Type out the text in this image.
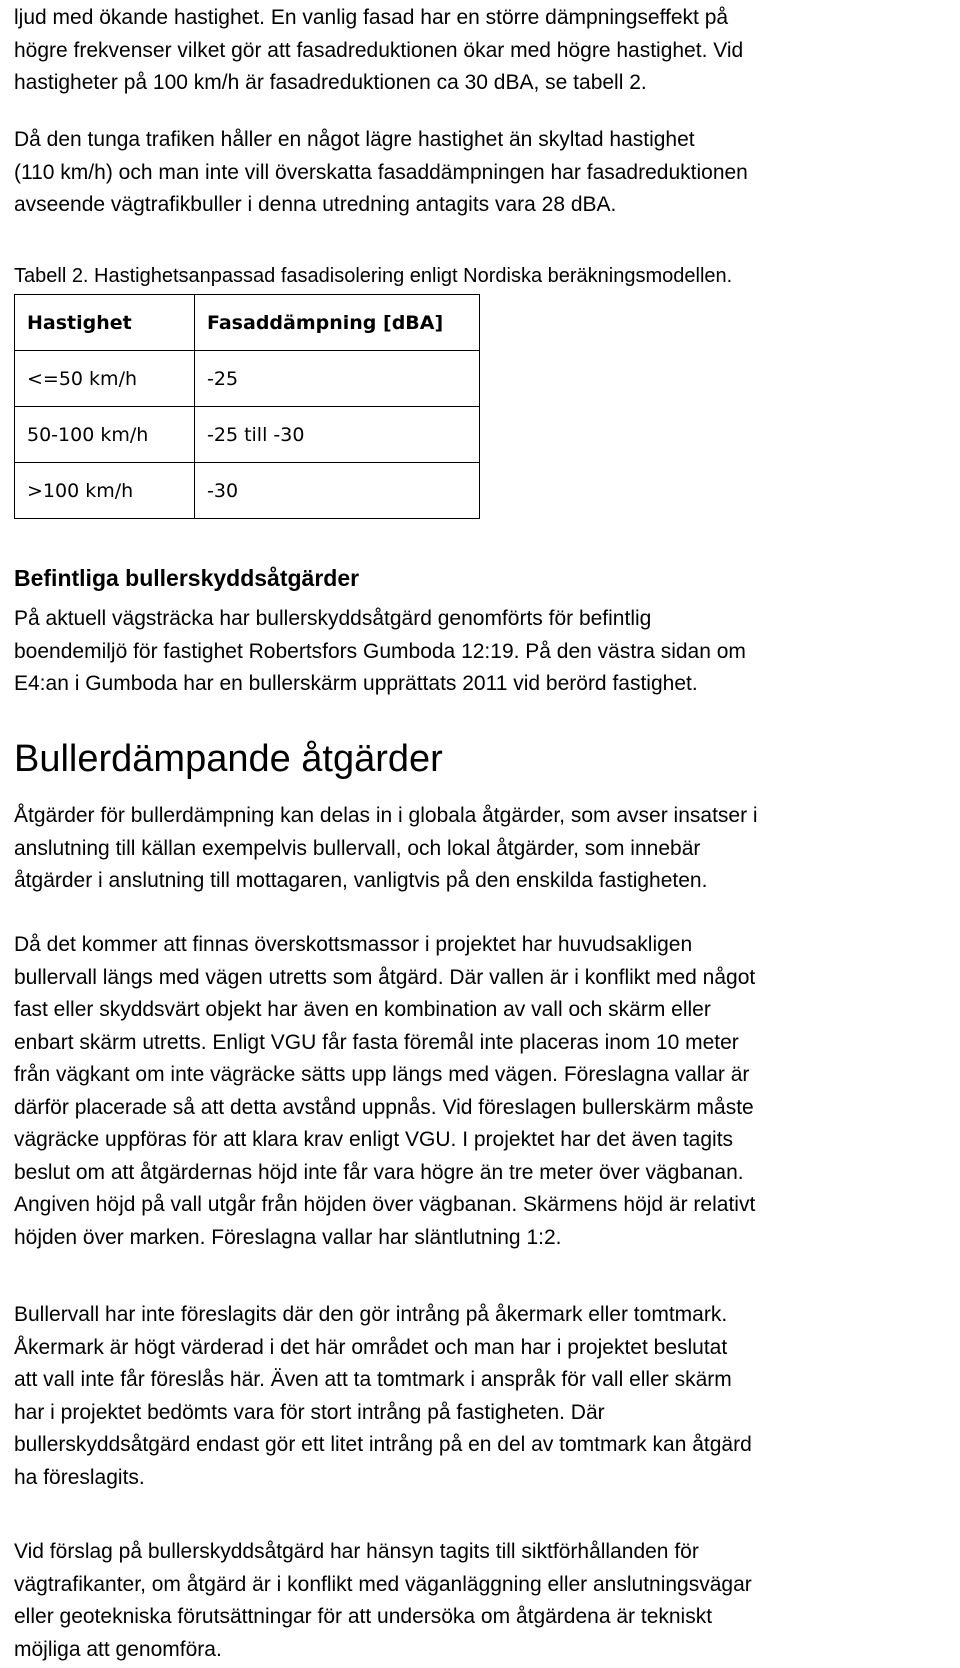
ljud med ökande hastighet. En vanlig fasad har en större dämpningseffekt på
högre frekvenser vilket gör att fasadreduktionen ökar med högre hastighet. Vid
hastigheter på 100 km/h är fasadreduktionen ca 30 dBA, se tabell 2.
Då den tunga trafiken håller en något lägre hastighet än skyltad hastighet
(110 km/h) och man inte vill överskatta fasaddämpningen har fasadreduktionen
avseende vägtrafikbuller i denna utredning antagits vara 28 dBA.

Tabell 2. Hastighetsanpassad fasadisolering enligt Nordiska beräkningsmodellen.

Hastighet	Fasaddämpning [dBA]
<=50 km/h	-25
50-100 km/h	-25 till -30
>100 km/h	-30
Befintliga bullerskyddsåtgärder
På aktuell vägsträcka har bullerskyddsåtgärd genomförts för befintlig
boendemiljö för fastighet Robertsfors Gumboda 12:19. På den västra sidan om
E4:an i Gumboda har en bullerskärm upprättats 2011 vid berörd fastighet.
Bullerdämpande åtgärder
Åtgärder för bullerdämpning kan delas in i globala åtgärder, som avser insatser i
anslutning till källan exempelvis bullervall, och lokal åtgärder, som innebär
åtgärder i anslutning till mottagaren, vanligtvis på den enskilda fastigheten.
Då det kommer att finnas överskottsmassor i projektet har huvudsakligen
bullervall längs med vägen utretts som åtgärd. Där vallen är i konflikt med något
fast eller skyddsvärt objekt har även en kombination av vall och skärm eller
enbart skärm utretts. Enligt VGU får fasta föremål inte placeras inom 10 meter
från vägkant om inte vägräcke sätts upp längs med vägen. Föreslagna vallar är
därför placerade så att detta avstånd uppnås. Vid föreslagen bullerskärm måste
vägräcke uppföras för att klara krav enligt VGU. I projektet har det även tagits
beslut om att åtgärdernas höjd inte får vara högre än tre meter över vägbanan.
Angiven höjd på vall utgår från höjden över vägbanan. Skärmens höjd är relativt
höjden över marken. Föreslagna vallar har släntlutning 1:2.
Bullervall har inte föreslagits där den gör intrång på åkermark eller tomtmark.
Åkermark är högt värderad i det här området och man har i projektet beslutat
att vall inte får föreslås här. Även att ta tomtmark i anspråk för vall eller skärm
har i projektet bedömts vara för stort intrång på fastigheten. Där
bullerskyddsåtgärd endast gör ett litet intrång på en del av tomtmark kan åtgärd
ha föreslagits.
Vid förslag på bullerskyddsåtgärd har hänsyn tagits till siktförhållanden för
vägtrafikanter, om åtgärd är i konflikt med väganläggning eller anslutningsvägar
eller geotekniska förutsättningar för att undersöka om åtgärdena är tekniskt
möjliga att genomföra.
